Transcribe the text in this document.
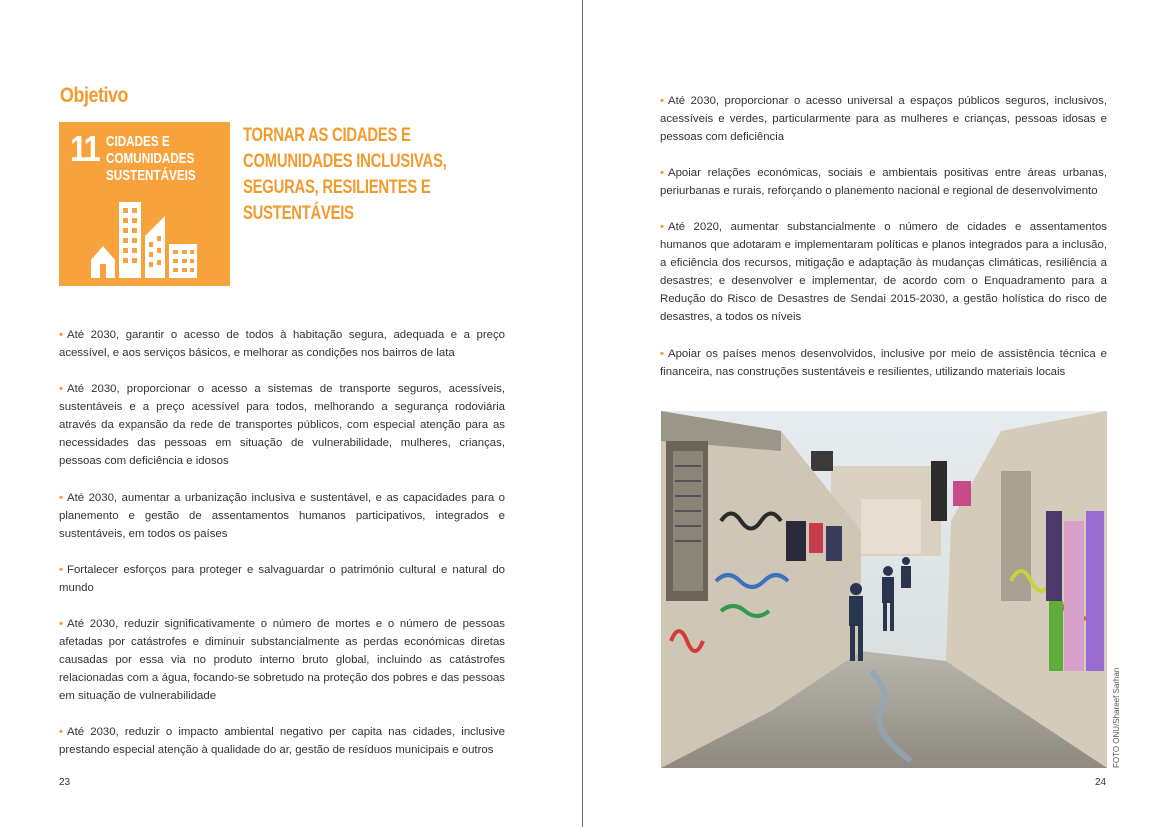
Objetivo
11 CIDADES E
COMUNIDADES
SUSTENTÁVEIS
TORNAR AS CIDADES E COMUNIDADES INCLUSIVAS, SEGURAS, RESILIENTES E SUSTENTÁVEIS
• Até 2030, garantir o acesso de todos à habitação segura, adequada e a preço acessível, e aos serviços básicos, e melhorar as condições nos bairros de lata
• Até 2030, proporcionar o acesso a sistemas de transporte seguros, acessíveis, sustentáveis e a preço acessível para todos, melhorando a segurança rodoviária através da expansão da rede de transportes públicos, com especial atenção para as necessidades das pessoas em situação de vulnerabilidade, mulheres, crianças, pessoas com deficiência e idosos
• Até 2030, aumentar a urbanização inclusiva e sustentável, e as capacidades para o planemento e gestão de assentamentos humanos participativos, integrados e sustentáveis, em todos os países
• Fortalecer esforços para proteger e salvaguardar o património cultural e natural do mundo
• Até 2030, reduzir significativamente o número de mortes e o número de pessoas afetadas por catástrofes e diminuir substancialmente as perdas económicas diretas causadas por essa via no produto interno bruto global, incluindo as catástrofes relacionadas com a água, focando-se sobretudo na proteção dos pobres e das pessoas em situação de vulnerabilidade
• Até 2030, reduzir o impacto ambiental negativo per capita nas cidades, inclusive prestando especial atenção à qualidade do ar, gestão de resíduos municipais e outros
23
• Até 2030, proporcionar o acesso universal a espaços públicos seguros, inclusivos, acessíveis e verdes, particularmente para as mulheres e crianças, pessoas idosas e pessoas com deficiência
• Apoiar relações económicas, sociais e ambientais positivas entre áreas urbanas, periurbanas e rurais, reforçando o planemento nacional e regional de desenvolvimento
• Até 2020, aumentar substancialmente o número de cidades e assentamentos humanos que adotaram e implementaram políticas e planos integrados para a inclusão, a eficiência dos recursos, mitigação e adaptação às mudanças climáticas, resiliência a desastres; e desenvolver e implementar, de acordo com o Enquadramento para a Redução do Risco de Desastres de Sendai 2015-2030, a gestão holística do risco de desastres, a todos os níveis
• Apoiar os países menos desenvolvidos, inclusive por meio de assistência técnica e financeira, nas construções sustentáveis e resilientes, utilizando materiais locais
24
FOTO ONU/Shareef Sarhan
